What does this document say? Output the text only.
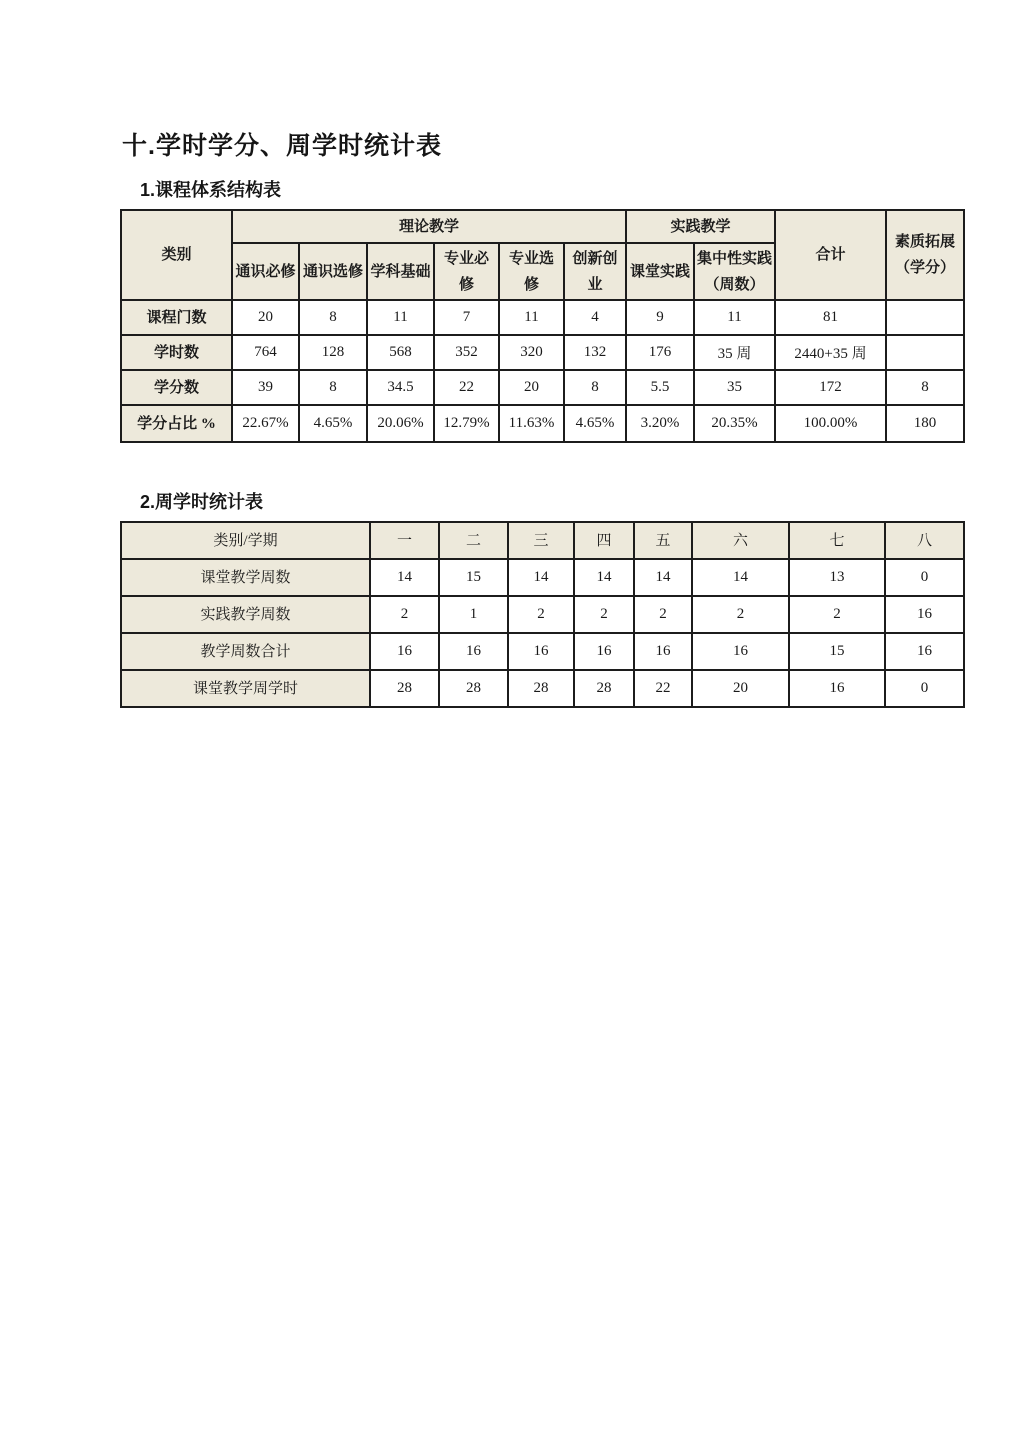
十.学时学分、周学时统计表
1.课程体系结构表
类别	理论教学						实践教学		合计	素质拓展（学分）
	通识必修	通识选修	学科基础	专业必修	专业选修	创新创业	课堂实践	集中性实践（周数）		
课程门数	20	8	11	7	11	4	9	11	81	
学时数	764	128	568	352	320	132	176	35 周	2440+35 周	
学分数	39	8	34.5	22	20	8	5.5	35	172	8
学分占比 %	22.67%	4.65%	20.06%	12.79%	11.63%	4.65%	3.20%	20.35%	100.00%	180
2.周学时统计表
类别/学期	一	二	三	四	五	六	七	八
课堂教学周数	14	15	14	14	14	14	13	0
实践教学周数	2	1	2	2	2	2	2	16
教学周数合计	16	16	16	16	16	16	15	16
课堂教学周学时	28	28	28	28	22	20	16	0
